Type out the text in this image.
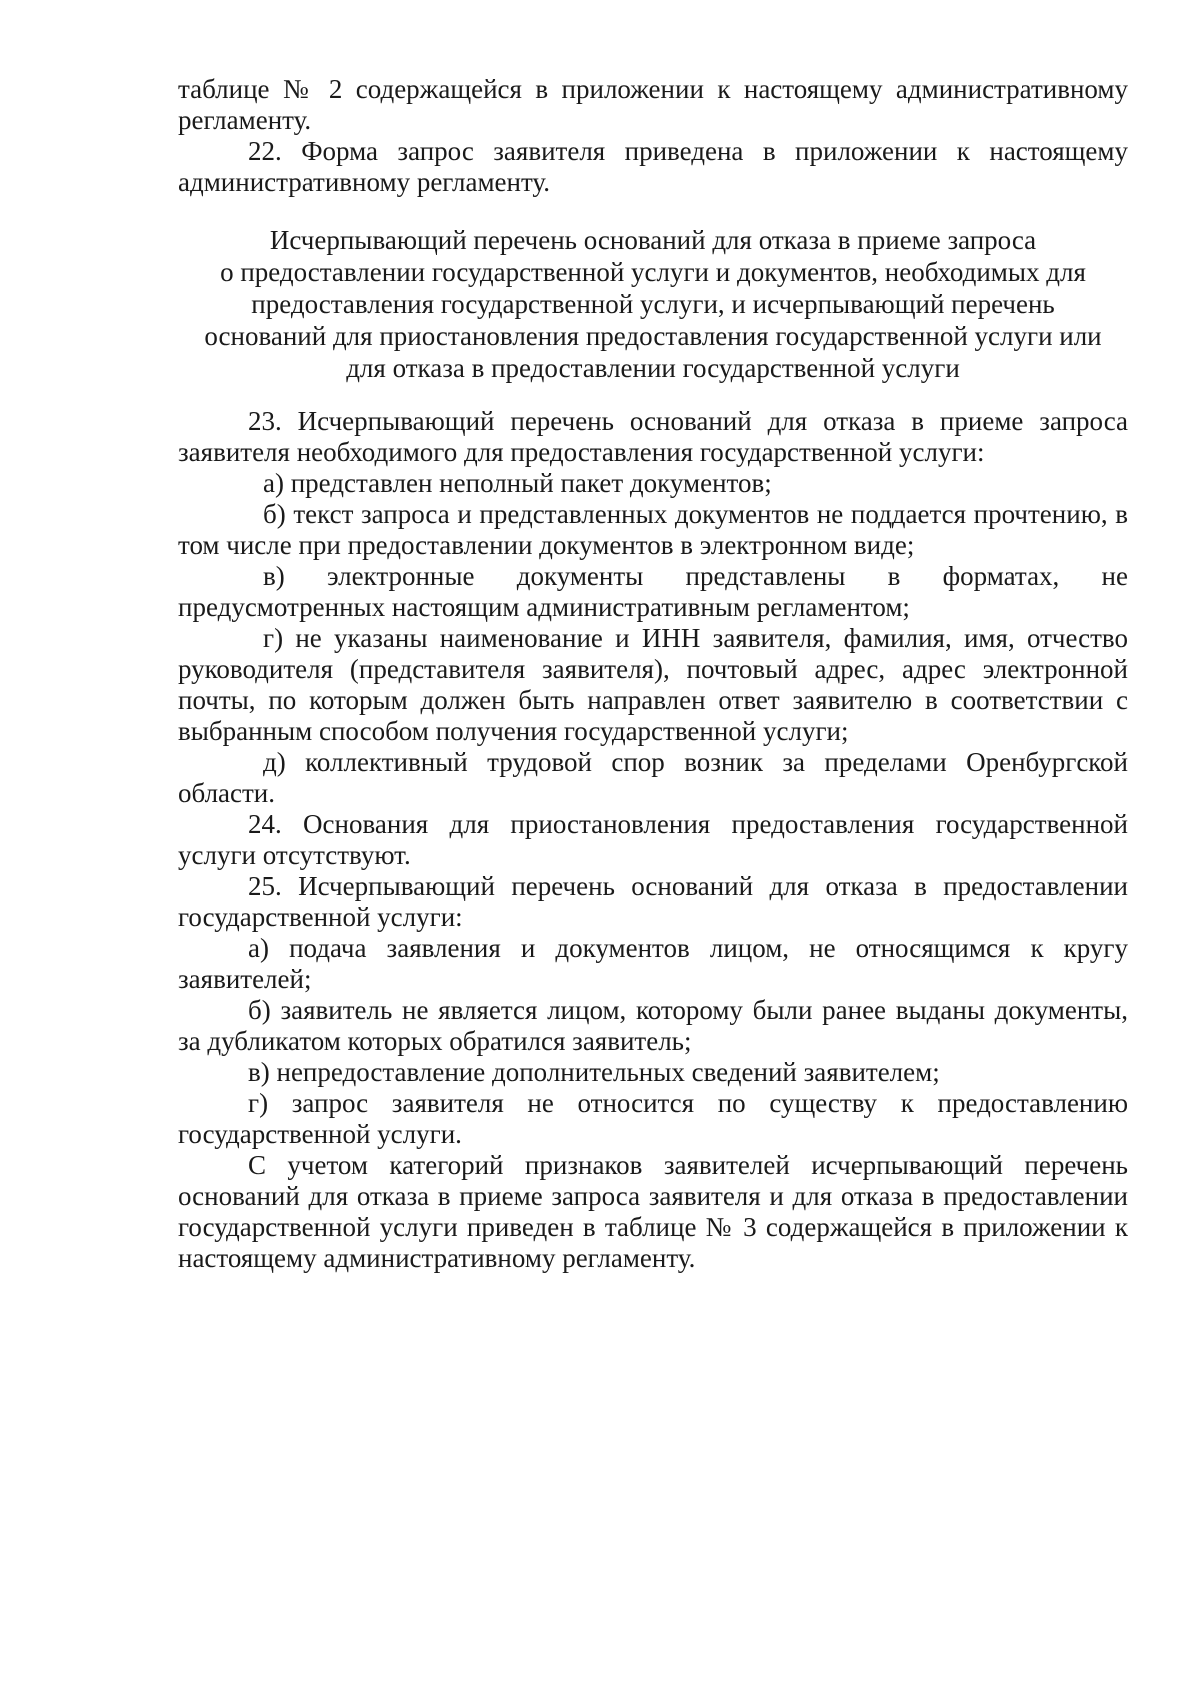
таблице № 2 содержащейся в приложении к настоящему административному регламенту.

22. Форма запрос заявителя приведена в приложении к настоящему административному регламенту.

Исчерпывающий перечень оснований для отказа в приеме запроса
о предоставлении государственной услуги и документов, необходимых для
предоставления государственной услуги, и исчерпывающий перечень
оснований для приостановления предоставления государственной услуги или
для отказа в предоставлении государственной услуги

23. Исчерпывающий перечень оснований для отказа в приеме запроса заявителя необходимого для предоставления государственной услуги:

а) представлен неполный пакет документов;

б) текст запроса и представленных документов не поддается прочтению, в том числе при предоставлении документов в электронном виде;

в) электронные документы представлены в форматах, не предусмотренных настоящим административным регламентом;

г) не указаны наименование и ИНН заявителя, фамилия, имя, отчество руководителя (представителя заявителя), почтовый адрес, адрес электронной почты, по которым должен быть направлен ответ заявителю в соответствии с выбранным способом получения государственной услуги;

д) коллективный трудовой спор возник за пределами Оренбургской области.

24. Основания для приостановления предоставления государственной услуги отсутствуют.

25. Исчерпывающий перечень оснований для отказа в предоставлении государственной услуги:

а) подача заявления и документов лицом, не относящимся к кругу заявителей;

б) заявитель не является лицом, которому были ранее выданы документы, за дубликатом которых обратился заявитель;

в) непредоставление дополнительных сведений заявителем;

г) запрос заявителя не относится по существу к предоставлению государственной услуги.

С учетом категорий признаков заявителей исчерпывающий перечень оснований для отказа в приеме запроса заявителя и для отказа в предоставлении государственной услуги приведен в таблице № 3 содержащейся в приложении к настоящему административному регламенту.
